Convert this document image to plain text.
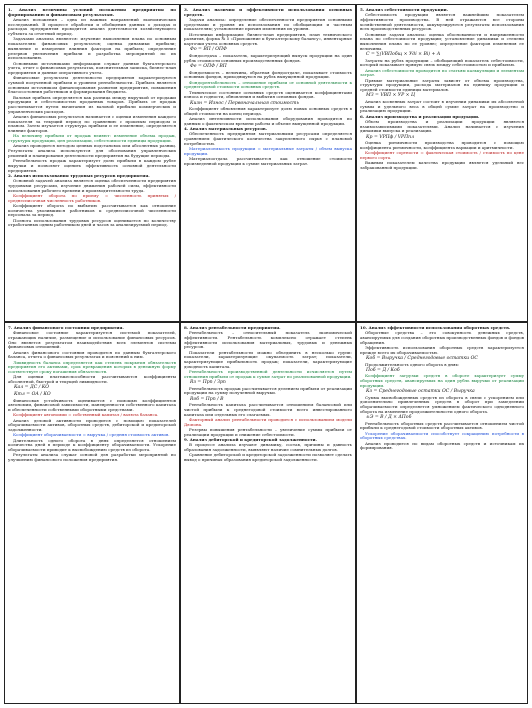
1. Анализ величины условий положения предприятия по формированию и финансовым результатам.

Анализ положения – одна из важных направлений экономических исследований. В процессе обработки и обобщения данных о доходах и расходах предприятия проводится анализ деятельности хозяйствующего субъекта за отчетный период.

Задачами анализа являются: изучение выполнения плана по основным показателям финансовых результатов; оценка динамики прибыли; выявление и измерение влияния факторов на прибыль; определение резервов увеличения прибыли и разработка мероприятий по их использованию.

Основными источниками информации служат данные бухгалтерского учета, отчет о финансовых результатах, пояснительная записка, бизнес-план предприятия и данные оперативного учета.

Финансовые результаты деятельности предприятия характеризуются суммой полученной прибыли и уровнем рентабельности. Прибыль является основным источником финансирования развития предприятия, повышения благосостояния работников и формирования бюджета.

Валовая прибыль определяется как разница между выручкой от продажи продукции и себестоимостью проданных товаров. Прибыль от продаж рассчитывается путем вычитания из валовой прибыли коммерческих и управленческих расходов.

Анализ финансовых результатов начинается с оценки изменения каждого показателя за текущий период по сравнению с прошлым периодом и планом. Затем изучается структура прибыли и ее изменение, определяется влияние факторов.

На величину прибыли от продаж влияют: изменение объема продаж, структуры продукции, цен реализации, себестоимости единицы продукции.

Анализ проводится методом цепных подстановок или абсолютных разниц. Результаты анализа используются для обоснования управленческих решений и планирования деятельности предприятия на будущие периоды.

Рентабельность продаж характеризует долю прибыли в каждом рубле выручки и позволяет оценить эффективность основной деятельности предприятия.

2. Анализ использования трудовых ресурсов предприятия.

Основной задачей анализа является оценка обеспеченности предприятия трудовыми ресурсами, изучение движения рабочей силы, эффективности использования рабочего времени и производительности труда.

Коэффициент оборота по приему = численность принятых / среднесписочная численность работников.

Коэффициент оборота по выбытию рассчитывается как отношение количества уволившихся работников к среднесписочной численности персонала за период.

Полнота использования трудовых ресурсов оценивается по количеству отработанных одним работником дней и часов за анализируемый период.

3. Анализ наличия и эффективности использования основных средств.

Задачи анализа: определение обеспеченности предприятия основными средствами и уровня их использования по обобщающим и частным показателям; установление причин изменения их уровня.

Источники информации: бизнес-план предприятия, план технического развития, форма № 5 «Приложение к бухгалтерскому балансу», инвентарные карточки учета основных средств.

Фо = ВП / ОПФ

Фондоотдача – показатель, характеризующий выпуск продукции на один рубль стоимости основных производственных фондов.

Фе = ОПФ / ВП

Фондоемкость – величина, обратная фондоотдаче, показывает стоимость основных фондов, приходящуюся на рубль выпущенной продукции.

Фондорентабельность – отношение прибыли от основной деятельности к среднегодовой стоимости основных средств.

Техническое состояние основных средств оценивается коэффициентами износа и годности, обновления и выбытия основных фондов.

Кизн = Износ / Первоначальная стоимость

Коэффициент обновления характеризует долю новых основных средств в общей стоимости на конец периода.

Анализ интенсивности использования оборудования проводится по данным о фактическом времени работы и объеме выпущенной продукции.

4. Анализ материальных ресурсов.

Обеспеченность предприятия материальными ресурсами определяется сравнением фактического количества закупленного сырья с плановой потребностью.

Материалоемкость продукции = материальные затраты / объем выпуска продукции.

Материалоотдача рассчитывается как отношение стоимости произведенной продукции к сумме материальных затрат.

5. Анализ себестоимости продукции.

Себестоимость продукции является важнейшим показателем эффективности производства. В ней отражаются все стороны хозяйственной деятельности, аккумулируются результаты использования всех производственных ресурсов.

Основные задачи анализа: оценка обоснованности и напряженности плана по себестоимости продукции; установление динамики и степени выполнения плана по ее уровню; определение факторов изменения ее величины.

С = ∑(VВПобщ × Удi × Вi) + A

Затраты на рубль продукции – обобщающий показатель себестоимости, который показывает прямую связь между себестоимостью и прибылью.

Анализ себестоимости проводится по статьям калькуляции и элементам затрат.

Прямые материальные затраты зависят от объема производства, структуры продукции, расхода материалов на единицу продукции и средней стоимости единицы материалов.

МЗ = VВП × УР × Ц

Анализ косвенных затрат состоит в изучении динамики их абсолютной суммы и удельного веса в общей сумме затрат на производство и реализацию продукции.

6. Анализ производства и реализации продукции.

Объем производства и реализации продукции являются взаимозависимыми показателями. Анализ начинается с изучения динамики выпуска и реализации.

Кр = VРПф / VРПпл

Оценка ритмичности производства проводится с помощью коэффициента ритмичности, коэффициента вариации и аритмичности.

Коэффициент сортности = фактическая стоимость / стоимость по цене первого сорта.

Важным показателем качества продукции является удельный вес забракованной продукции.

7. Анализ финансового состояния предприятия.

Финансовое состояние характеризуется системой показателей, отражающих наличие, размещение и использование финансовых ресурсов. Оно является результатом взаимодействия всех элементов системы финансовых отношений.

Анализ финансового состояния проводится по данным бухгалтерского баланса, отчета о финансовых результатах и пояснений к ним.

Ликвидность баланса определяется как степень покрытия обязательств предприятия его активами, срок превращения которых в денежную форму соответствует сроку погашения обязательств.

Для оценки платежеспособности рассчитываются коэффициенты абсолютной, быстрой и текущей ликвидности.

Кал = ДС / КО

Ктл = ОА / КО

Финансовая устойчивость оценивается с помощью коэффициентов автономии, финансовой зависимости, маневренности собственного капитала и обеспеченности собственными оборотными средствами.

Коэффициент автономии = собственный капитал / валюта баланса.

Анализ деловой активности проводится с помощью показателей оборачиваемости активов, оборотных средств, дебиторской и кредиторской задолженности.

Коэффициент оборачиваемости = выручка / средняя стоимость активов.

Длительность одного оборота в днях определяется отношением количества дней в периоде к коэффициенту оборачиваемости. Ускорение оборачиваемости приводит к высвобождению средств из оборота.

Результаты анализа служат основой для разработки мероприятий по улучшению финансового положения предприятия.

8. Анализ рентабельности предприятия.

Рентабельность – относительный показатель экономической эффективности. Рентабельность комплексно отражает степень эффективности использования материальных, трудовых и денежных ресурсов.

Показатели рентабельности можно объединить в несколько групп: показатели, характеризующие окупаемость затрат; показатели, характеризующие прибыльность продаж; показатели, характеризующие доходность капитала.

Рентабельность производственной деятельности исчисляется путем отношения прибыли от продаж к сумме затрат по реализованной продукции.

Rз = Прп / Зрп

Рентабельность продаж рассчитывается делением прибыли от реализации продукции на сумму полученной выручки.

Rоб = Прп / В

Рентабельность капитала рассчитывается отношением балансовой или чистой прибыли к среднегодовой стоимости всего инвестированного капитала или отдельных его слагаемых.

Факторный анализ рентабельности проводится с использованием модели Дюпона.

Резервы повышения рентабельности – увеличение суммы прибыли от реализации продукции и снижение себестоимости.

9. Анализ дебиторской и кредиторской задолженности.

В процессе анализа изучают динамику, состав, причины и давность образования задолженности, выявляют наличие сомнительных долгов.

Сравнение дебиторской и кредиторской задолженности позволяет сделать вывод о причинах образования кредиторской задолженности.

10. Анализ эффективности использования оборотных средств.

Оборотные средства – это совокупность денежных средств, авансируемых для создания оборотных производственных фондов и фондов обращения.

Эффективность использования оборотных средств характеризуется прежде всего их оборачиваемостью.

Коб = Выручка / Среднегодовые остатки ОС

Продолжительность одного оборота в днях:

Поб = Д / Коб

Коэффициент загрузки средств в обороте характеризует сумму оборотных средств, авансируемых на один рубль выручки от реализации продукции.

Кз = Среднегодовые остатки ОС / Выручка

Сумма высвобожденных средств из оборота в связи с ускорением или дополнительно привлеченных средств в оборот при замедлении оборачиваемости определяется умножением фактического однодневного оборота на изменение продолжительности одного оборота.

±Э = В / Д × ΔПоб

Рентабельность оборотных средств рассчитывается отношением чистой прибыли к среднегодовой стоимости оборотных активов.

Ускорение оборачиваемости способствует сокращению потребности в оборотных средствах.

Анализ проводится по видам оборотных средств и источникам их формирования.
